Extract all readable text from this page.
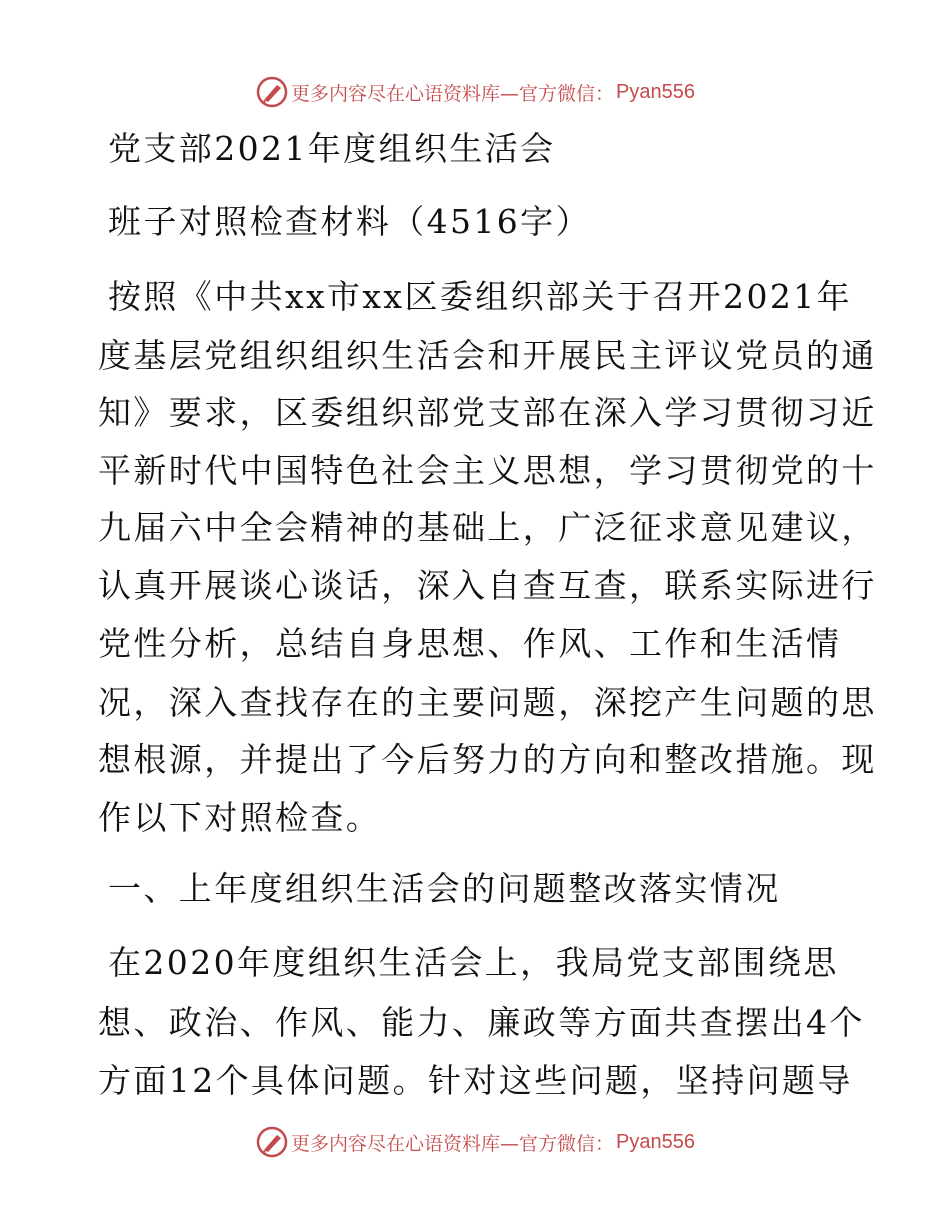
更多内容尽在心语资料库—官方微信： Pyan556
党支部2021年度组织生活会
班子对照检查材料（4516字）
按照《中共xx市xx区委组织部关于召开2021年
度基层党组织组织生活会和开展民主评议党员的通
知》要求，区委组织部党支部在深入学习贯彻习近
平新时代中国特色社会主义思想，学习贯彻党的十
九届六中全会精神的基础上，广泛征求意见建议，
认真开展谈心谈话，深入自查互查，联系实际进行
党性分析，总结自身思想、作风、工作和生活情
况，深入查找存在的主要问题，深挖产生问题的思
想根源，并提出了今后努力的方向和整改措施。现
作以下对照检查。
一、上年度组织生活会的问题整改落实情况
在2020年度组织生活会上，我局党支部围绕思
想、政治、作风、能力、廉政等方面共查摆出4个
方面12个具体问题。针对这些问题，坚持问题导
更多内容尽在心语资料库—官方微信： Pyan556
